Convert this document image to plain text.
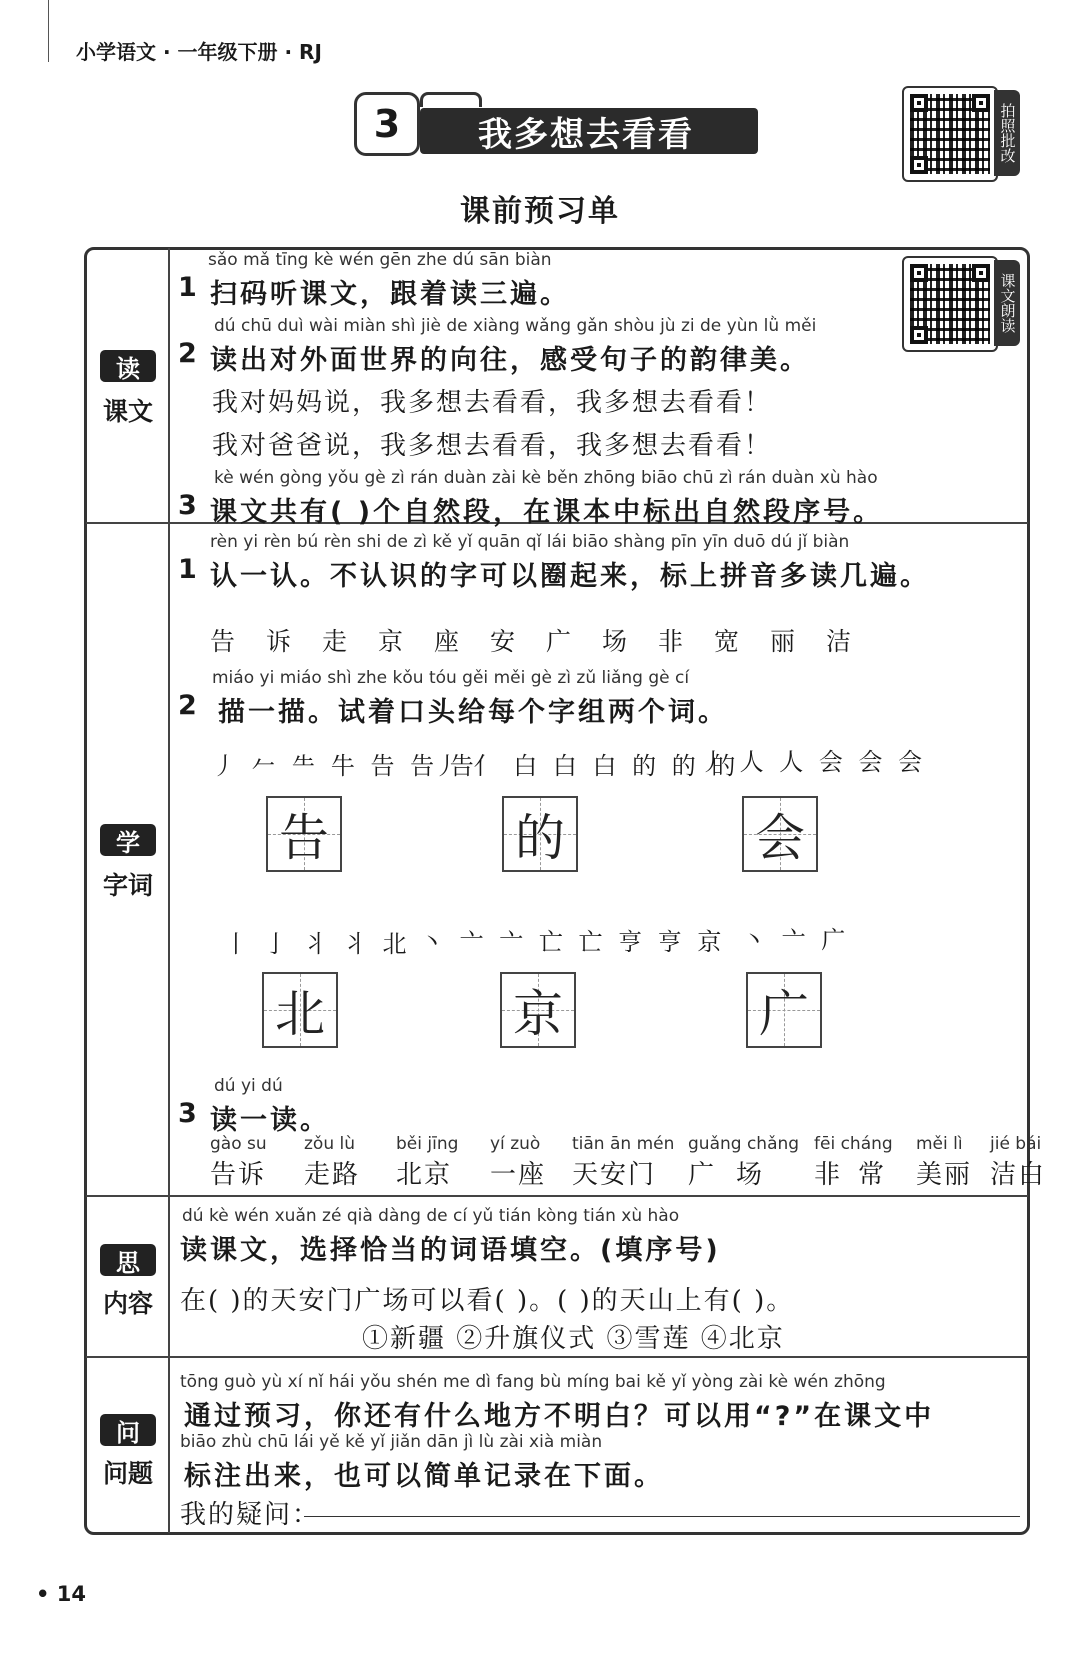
小学语文 · 一年级下册 · RJ
我多想去看看
3	拍照批改
课前预习单
读
课文
课文朗读
sǎo mǎ tīng kè wén gēn zhe dú sān biàn
1 扫码听课文，跟着读三遍。
dú chū duì wài miàn shì jiè de xiàng wǎng gǎn shòu jù zi de yùn lǜ měi
2 读出对外面世界的向往，感受句子的韵律美。
我对妈妈说，我多想去看看，我多想去看看！
我对爸爸说，我多想去看看，我多想去看看！
kè wén gòng yǒu gè zì rán duàn zài kè běn zhōng biāo chū zì rán duàn xù hào
3 课文共有( )个自然段，在课本中标出自然段序号。
学
字词
rèn yi rèn bú rèn shi de zì kě yǐ quān qǐ lái biāo shàng pīn yīn duō dú jǐ biàn
1 认一认。不认识的字可以圈起来，标上拼音多读几遍。
告 诉 走 京 座 安 广 场 非 宽 丽 洁
miáo yi miáo shì zhe kǒu tóu gěi měi gè zì zǔ liǎng gè cí
2 描一描。试着口头给每个字组两个词。
丿 𠂉 ⺧ 牛 告 告 告
丿 亻 白 白 白 的 的 的
丿 人 人 会 会 会
告	的	会
丨 亅 丬 丬 北 丶 亠 亠 亡 亡 亨 亨 京 丶 亠 广
北	京	广
dú yi dú
3 读一读。
gào su
告诉
zǒu lù
走路
běi jīng
北京
yí zuò
一座
tiān ān mén
天安门
guǎng chǎng
广场
fēi cháng
非常
měi lì
美丽
jié bái
洁白
思
内容
dú kè wén xuǎn zé qià dàng de cí yǔ tián kòng tián xù hào
读课文，选择恰当的词语填空。(填序号)
在( )的天安门广场可以看( )。( )的天山上有( )。
①新疆 ②升旗仪式 ③雪莲 ④北京
问
问题
tōng guò yù xí nǐ hái yǒu shén me dì fang bù míng bai kě yǐ yòng zài kè wén zhōng
通过预习，你还有什么地方不明白？可以用“?”在课文中
biāo zhù chū lái yě kě yǐ jiǎn dān jì lù zài xià miàn
标注出来，也可以简单记录在下面。
我的疑问：
• 14
